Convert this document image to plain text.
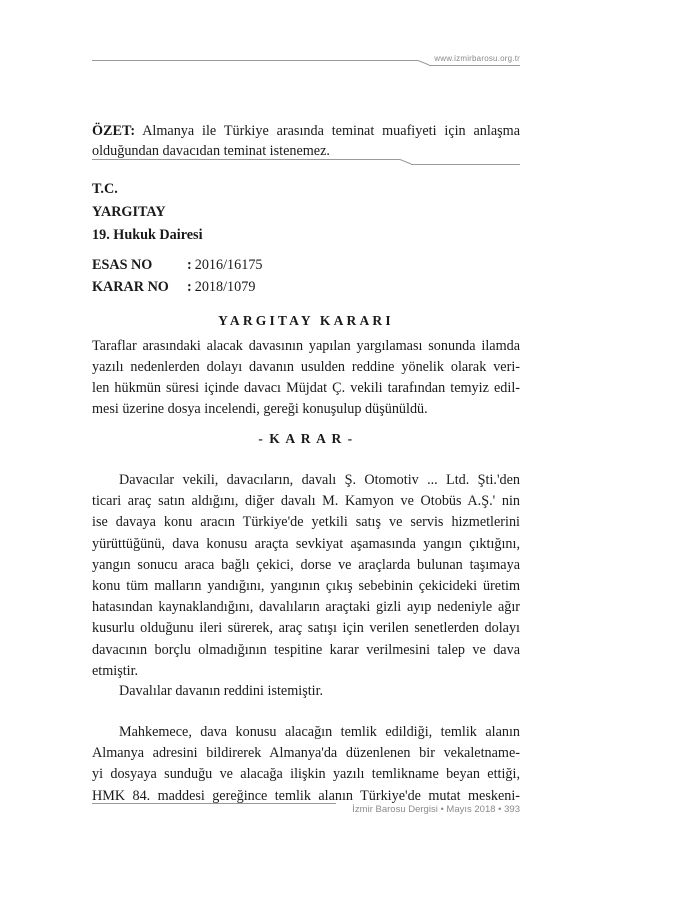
www.izmirbarosu.org.tr
ÖZET: Almanya ile Türkiye arasında teminat muafiyeti için anlaşma
olduğundan davacıdan teminat istenemez.
T.C.
YARGITAY
19. Hukuk Dairesi
ESAS NO	: 2016/16175
KARAR NO	: 2018/1079
YARGITAY KARARI
Taraflar arasındaki alacak davasının yapılan yargılaması sonunda ilamda
yazılı nedenlerden dolayı davanın usulden reddine yönelik olarak veri-
len hükmün süresi içinde davacı Müjdat Ç. vekili tarafından temyiz edil-
mesi üzerine dosya incelendi, gereği konuşulup düşünüldü.
- K A R A R -
Davacılar vekili, davacıların, davalı Ş. Otomotiv ... Ltd. Şti.'den
ticari araç satın aldığını, diğer davalı M. Kamyon ve Otobüs A.Ş.' nin
ise davaya konu aracın Türkiye'de yetkili satış ve servis hizmetlerini
yürüttüğünü, dava konusu araçta sevkiyat aşamasında yangın çıktığını,
yangın sonucu araca bağlı çekici, dorse ve araçlarda bulunan taşımaya
konu tüm malların yandığını, yangının çıkış sebebinin çekicideki üretim
hatasından kaynaklandığını, davalıların araçtaki gizli ayıp nedeniyle ağır
kusurlu olduğunu ileri sürerek, araç satışı için verilen senetlerden dolayı
davacının borçlu olmadığının tespitine karar verilmesini talep ve dava
etmiştir.
Davalılar davanın reddini istemiştir.
Mahkemece, dava konusu alacağın temlik edildiği, temlik alanın
Almanya adresini bildirerek Almanya'da düzenlenen bir vekaletname-
yi dosyaya sunduğu ve alacağa ilişkin yazılı temlikname beyan ettiği,
HMK 84. maddesi gereğince temlik alanın Türkiye'de mutat meskeni-
İzmir Barosu Dergisi • Mayıs 2018 • 393
